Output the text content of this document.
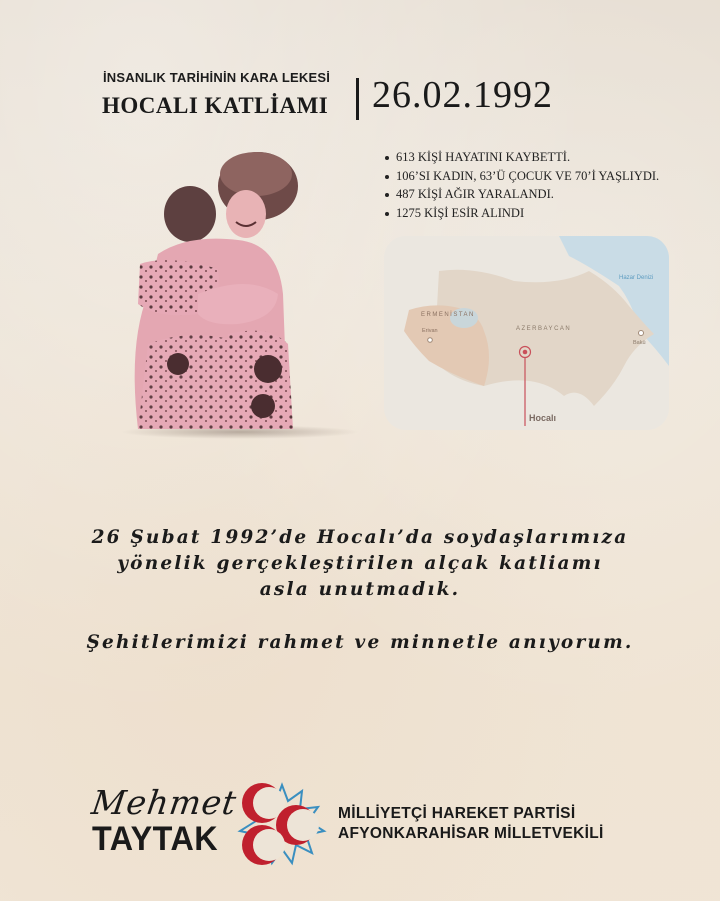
İNSANLIK TARİHİNİN KARA LEKESİ
HOCALI KATLİAMI 26.02.1992
613 KİŞİ HAYATINI KAYBETTİ.
106’SI KADIN, 63’Ü ÇOCUK VE 70’İ YAŞLIYDI.
487 KİŞİ AĞIR YARALANDI.
1275 KİŞİ ESİR ALINDI
ERMENİSTAN
Erivan	AZERBAYCAN
Hazar Denizi
Bakü
Hocalı
26 Şubat 1992’de Hocalı’da soydaşlarımıza
yönelik gerçekleştirilen alçak katliamı
asla unutmadık.
Şehitlerimizi rahmet ve minnetle anıyorum.
Mehmet
TAYTAK
MİLLİYETÇİ HAREKET PARTİSİ
AFYONKARAHİSAR MİLLETVEKİLİ
